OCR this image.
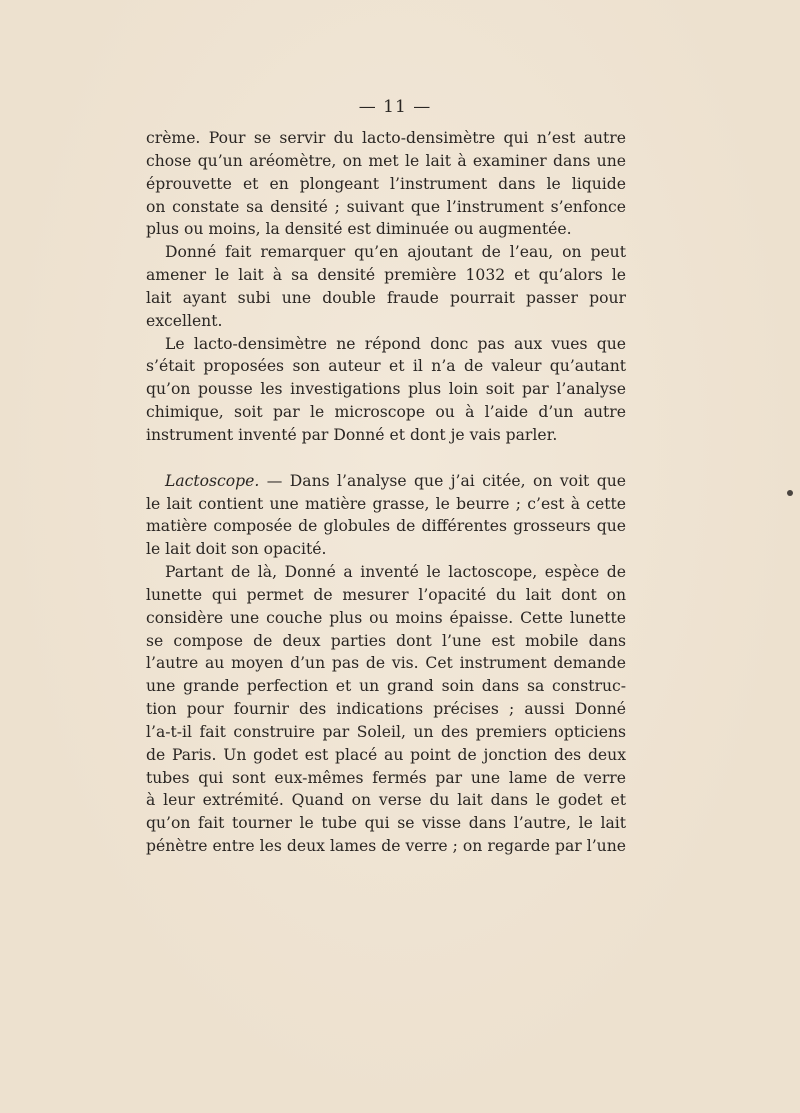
— 11 —
crème. Pour se servir du lacto-densimètre qui n’est autre
chose qu’un aréomètre, on met le lait à examiner dans une
éprouvette et en plongeant l’instrument dans le liquide
on constate sa densité ; suivant que l’instrument s’enfonce
plus ou moins, la densité est diminuée ou augmentée.
Donné fait remarquer qu’en ajoutant de l’eau, on peut
amener le lait à sa densité première 1032 et qu’alors le
lait ayant subi une double fraude pourrait passer pour
excellent.
Le lacto-densimètre ne répond donc pas aux vues que
s’était proposées son auteur et il n’a de valeur qu’autant
qu’on pousse les investigations plus loin soit par l’analyse
chimique, soit par le microscope ou à l’aide d’un autre
instrument inventé par Donné et dont je vais parler.
Lactoscope. — Dans l’analyse que j’ai citée, on voit que
le lait contient une matière grasse, le beurre ; c’est à cette
matière composée de globules de différentes grosseurs que
le lait doit son opacité.
Partant de là, Donné a inventé le lactoscope, espèce de
lunette qui permet de mesurer l’opacité du lait dont on
considère une couche plus ou moins épaisse. Cette lunette
se compose de deux parties dont l’une est mobile dans
l’autre au moyen d’un pas de vis. Cet instrument demande
une grande perfection et un grand soin dans sa construc-
tion pour fournir des indications précises ; aussi Donné
l’a-t-il fait construire par Soleil, un des premiers opticiens
de Paris. Un godet est placé au point de jonction des deux
tubes qui sont eux-mêmes fermés par une lame de verre
à leur extrémité. Quand on verse du lait dans le godet et
qu’on fait tourner le tube qui se visse dans l’autre, le lait
pénètre entre les deux lames de verre ; on regarde par l’une
